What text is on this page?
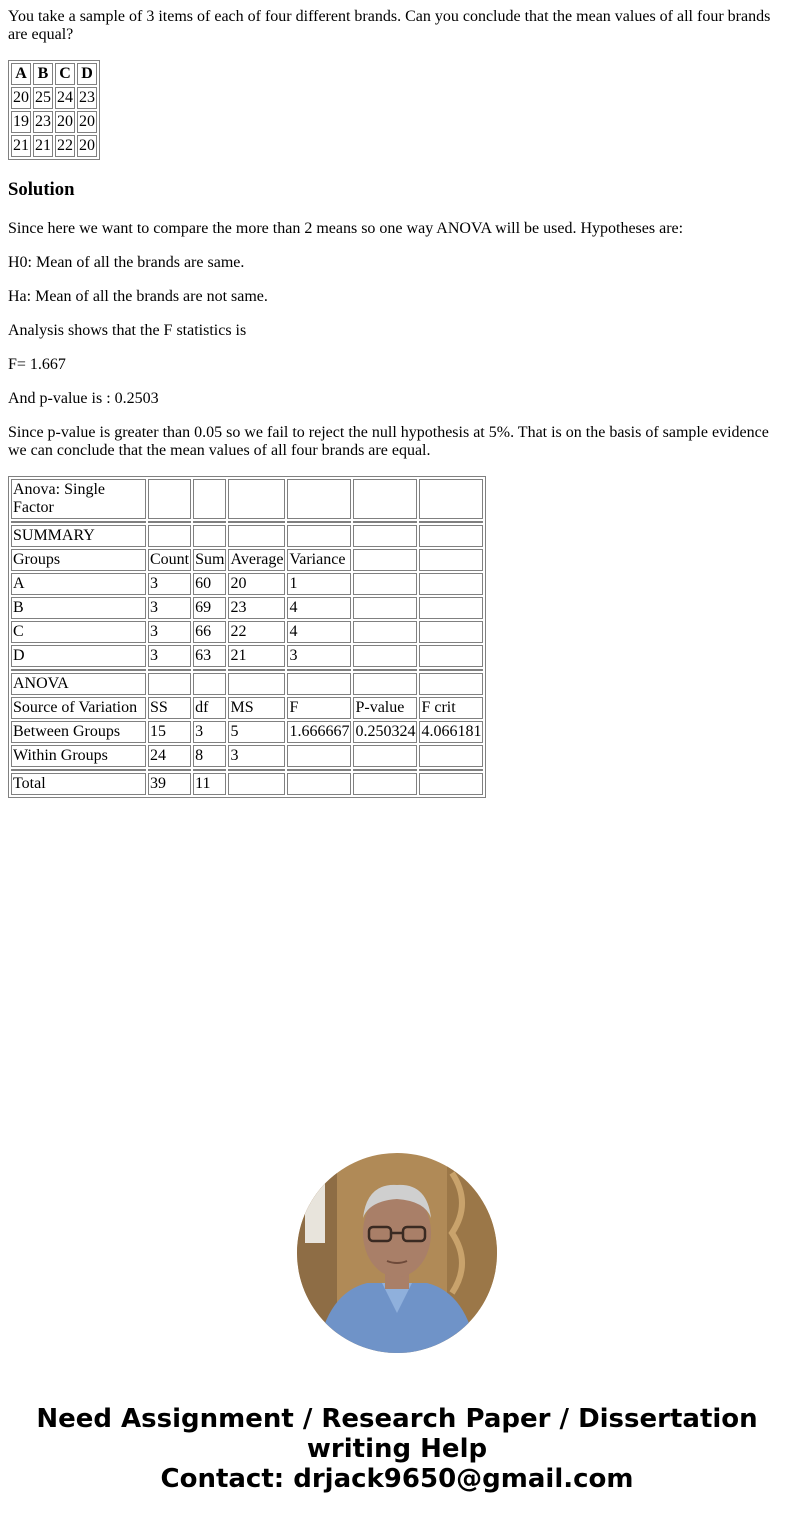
You take a sample of 3 items of each of four different brands. Can you conclude that the mean values of all four brands are equal?

A	B	C	D
20	25	24	23
19	23	20	20
21	21	22	20
Solution

Since here we want to compare the more than 2 means so one way ANOVA will be used. Hypotheses are:

H0: Mean of all the brands are same.

Ha: Mean of all the brands are not same.

Analysis shows that the F statistics is

F= 1.667

And p-value is : 0.2503

Since p-value is greater than 0.05 so we fail to reject the null hypothesis at 5%. That is on the basis of sample evidence we can conclude that the mean values of all four brands are equal.

Anova: Single Factor						

SUMMARY						
Groups	Count	Sum	Average	Variance		
A	3	60	20	1		
B	3	69	23	4		
C	3	66	22	4		
D	3	63	21	3		

ANOVA						
Source of Variation	SS	df	MS	F	P-value	F crit
Between Groups	15	3	5	1.666667	0.250324	4.066181
Within Groups	24	8	3			

Total	39	11				
Need Assignment / Research Paper / Dissertation
writing Help
Contact: drjack9650@gmail.com
